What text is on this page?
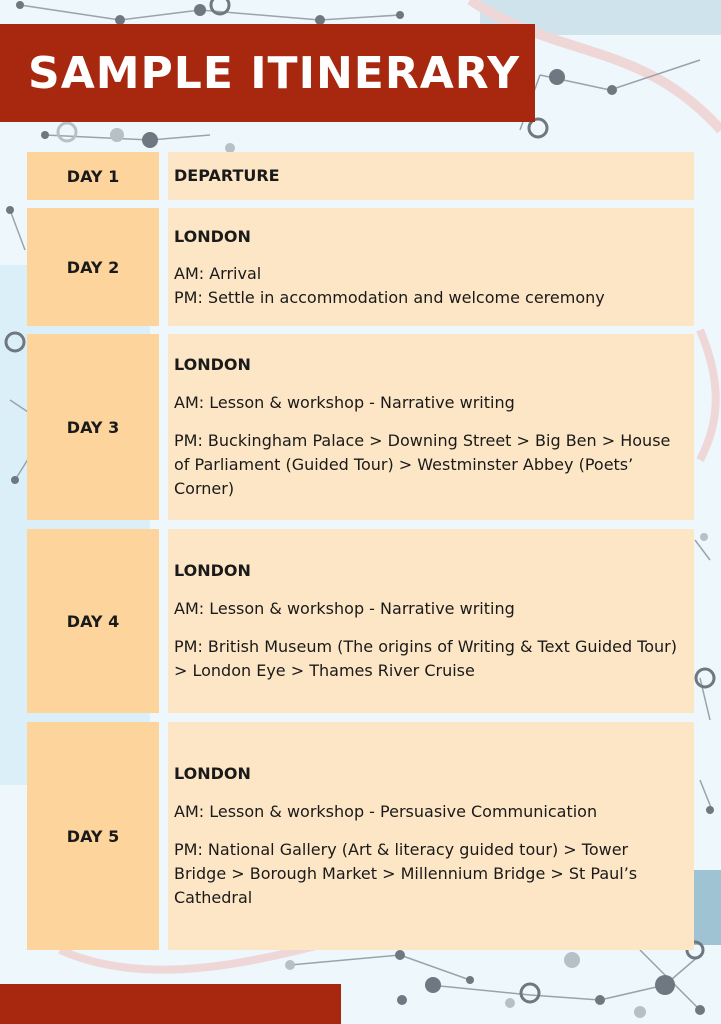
SAMPLE ITINERARY
DAY 1	DEPARTURE
DAY 2

LONDON

AM: Arrival

PM: Settle in accommodation and welcome ceremony

DAY 3

LONDON

AM: Lesson & workshop - Narrative writing

PM: Buckingham Palace > Downing Street > Big Ben > House of Parliament (Guided Tour) > Westminster Abbey (Poets’ Corner)

DAY 4

LONDON

AM: Lesson & workshop - Narrative writing

PM: British Museum (The origins of Writing & Text Guided Tour) > London Eye > Thames River Cruise

DAY 5

LONDON

AM: Lesson & workshop - Persuasive Communication

PM: National Gallery (Art & literacy guided tour) > Tower Bridge > Borough Market > Millennium Bridge > St Paul’s Cathedral
